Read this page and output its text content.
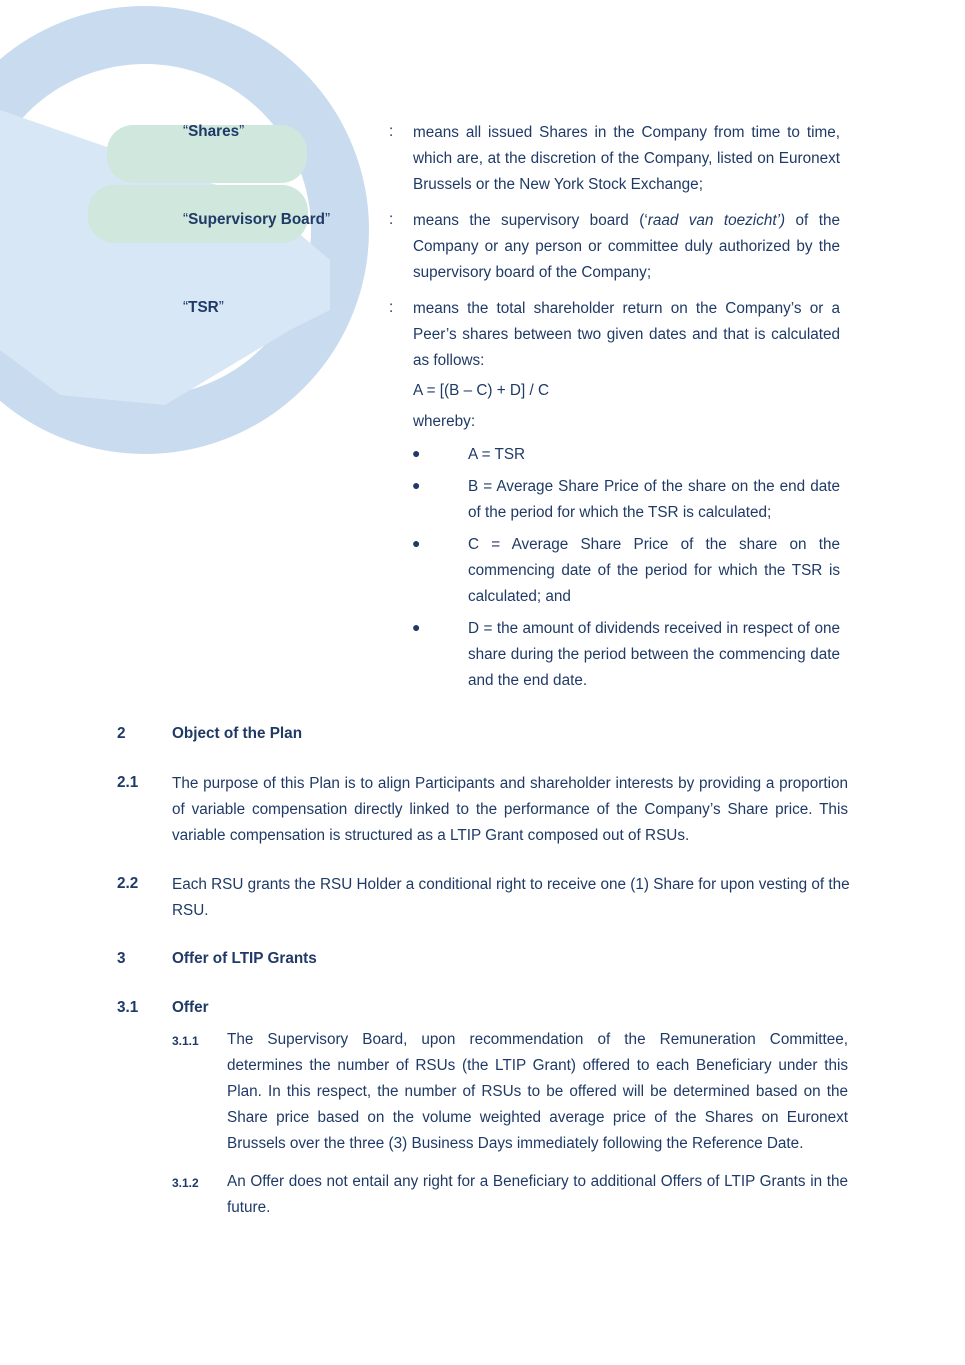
“Shares”	: means all issued Shares in the Company from time to time, which are, at the discretion of the Company, listed on Euronext Brussels or the New York Stock Exchange;
“Supervisory Board”	: means the supervisory board (‘raad van toezicht’) of the Company or any person or committee duly authorized by the supervisory board of the Company;
“TSR”	: means the total shareholder return on the Company’s or a Peer’s shares between two given dates and that is calculated as follows:
A = [(B – C) + D] / C
whereby:
●	A = TSR
●	B = Average Share Price of the share on the end date of the period for which the TSR is calculated;
●	C = Average Share Price of the share on the commencing date of the period for which the TSR is calculated; and
●	D = the amount of dividends received in respect of one share during the period between the commencing date and the end date.
2	Object of the Plan
2.1 The purpose of this Plan is to align Participants and shareholder interests by providing a proportion of variable compensation directly linked to the performance of the Company’s Share price. This variable compensation is structured as a LTIP Grant composed out of RSUs.
2.2 Each RSU grants the RSU Holder a conditional right to receive one (1) Share for upon vesting of the RSU.
3	Offer of LTIP Grants
3.1 Offer
3.1.1 The Supervisory Board, upon recommendation of the Remuneration Committee, determines the number of RSUs (the LTIP Grant) offered to each Beneficiary under this Plan. In this respect, the number of RSUs to be offered will be determined based on the Share price based on the volume weighted average price of the Shares on Euronext Brussels over the three (3) Business Days immediately following the Reference Date.
3.1.2 An Offer does not entail any right for a Beneficiary to additional Offers of LTIP Grants in the future.
